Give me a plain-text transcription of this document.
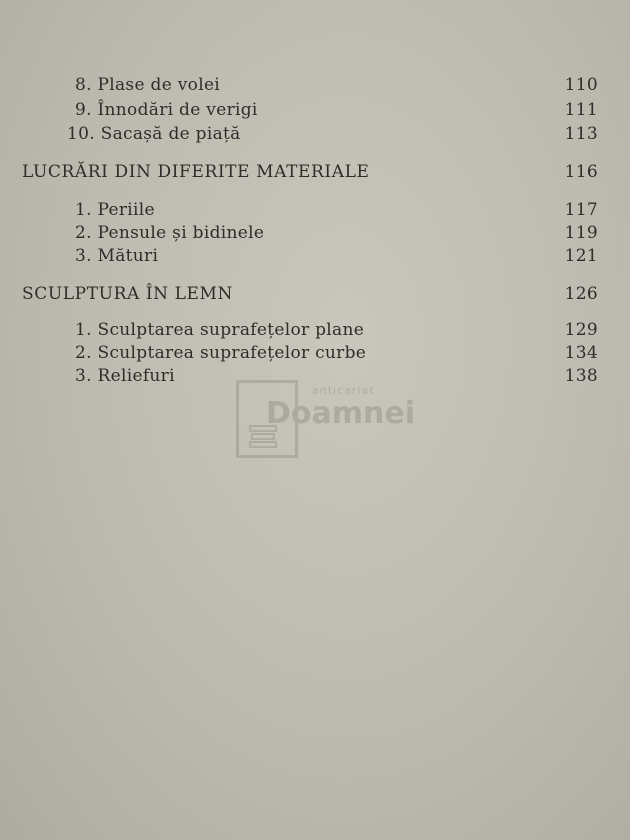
8. Plase de volei	110
9. Înnodări de verigi	111
10. Sacașă de piață	113
LUCRĂRI DIN DIFERITE MATERIALE	116
1. Periile	117
2. Pensule și bidinele	119
3. Mături	121
SCULPTURA ÎN LEMN	126
1. Sculptarea suprafețelor plane	129
2. Sculptarea suprafețelor curbe	134
3. Reliefuri	138
anticariat
Doamnei
